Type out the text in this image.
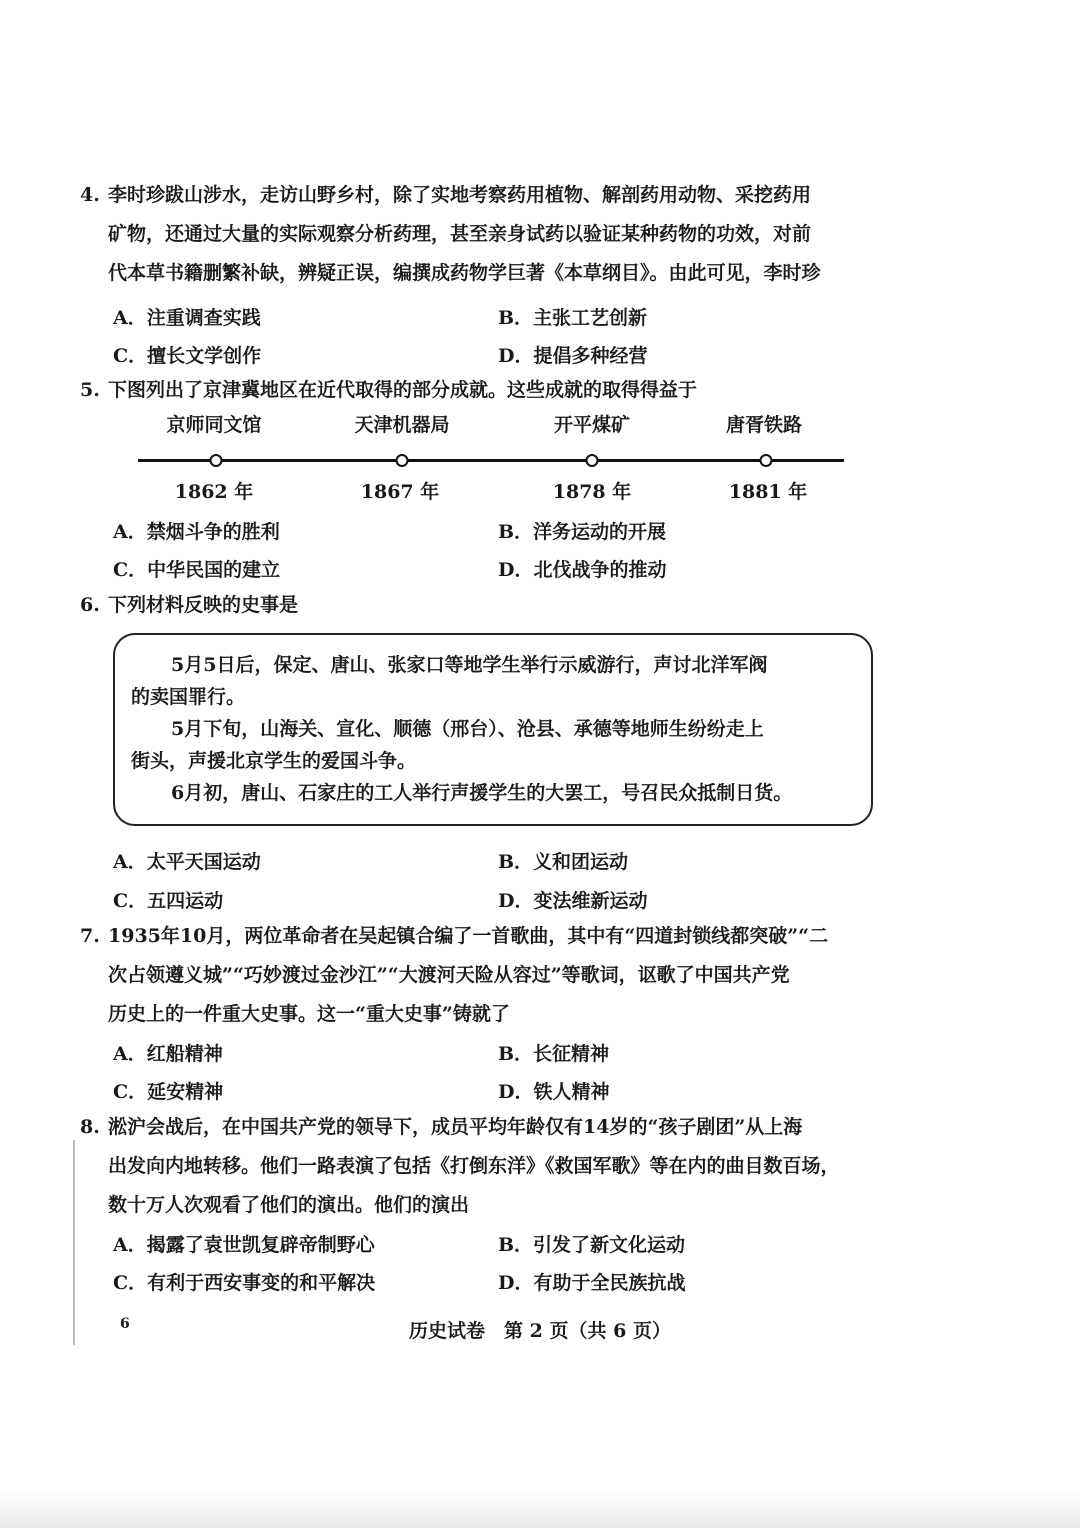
4. 李时珍跋山涉水，走访山野乡村，除了实地考察药用植物、解剖药用动物、采挖药用
矿物，还通过大量的实际观察分析药理，甚至亲身试药以验证某种药物的功效，对前
代本草书籍删繁补缺，辨疑正误，编撰成药物学巨著《本草纲目》。由此可见，李时珍
A．注重调查实践	B．主张工艺创新
C．擅长文学创作	D．提倡多种经营
5. 下图列出了京津冀地区在近代取得的部分成就。这些成就的取得得益于
京师同文馆	天津机器局	开平煤矿	唐胥铁路
1862 年	1867 年	1878 年	1881 年
A．禁烟斗争的胜利	B．洋务运动的开展
C．中华民国的建立	D．北伐战争的推动
6. 下列材料反映的史事是
5月5日后，保定、唐山、张家口等地学生举行示威游行，声讨北洋军阀
的卖国罪行。
5月下旬，山海关、宣化、顺德（邢台）、沧县、承德等地师生纷纷走上
街头，声援北京学生的爱国斗争。
6月初，唐山、石家庄的工人举行声援学生的大罢工，号召民众抵制日货。
A．太平天国运动	B．义和团运动
C．五四运动	D．变法维新运动
7. 1935年10月，两位革命者在吴起镇合编了一首歌曲，其中有“四道封锁线都突破”“二
次占领遵义城”“巧妙渡过金沙江”“大渡河天险从容过”等歌词，讴歌了中国共产党
历史上的一件重大史事。这一“重大史事”铸就了
A．红船精神	B．长征精神
C．延安精神	D．铁人精神
8. 淞沪会战后，在中国共产党的领导下，成员平均年龄仅有14岁的“孩子剧团”从上海
出发向内地转移。他们一路表演了包括《打倒东洋》《救国军歌》等在内的曲目数百场，
数十万人次观看了他们的演出。他们的演出
A．揭露了袁世凯复辟帝制野心	B．引发了新文化运动
C．有利于西安事变的和平解决	D．有助于全民族抗战
6	历史试卷　第 2 页（共 6 页）
